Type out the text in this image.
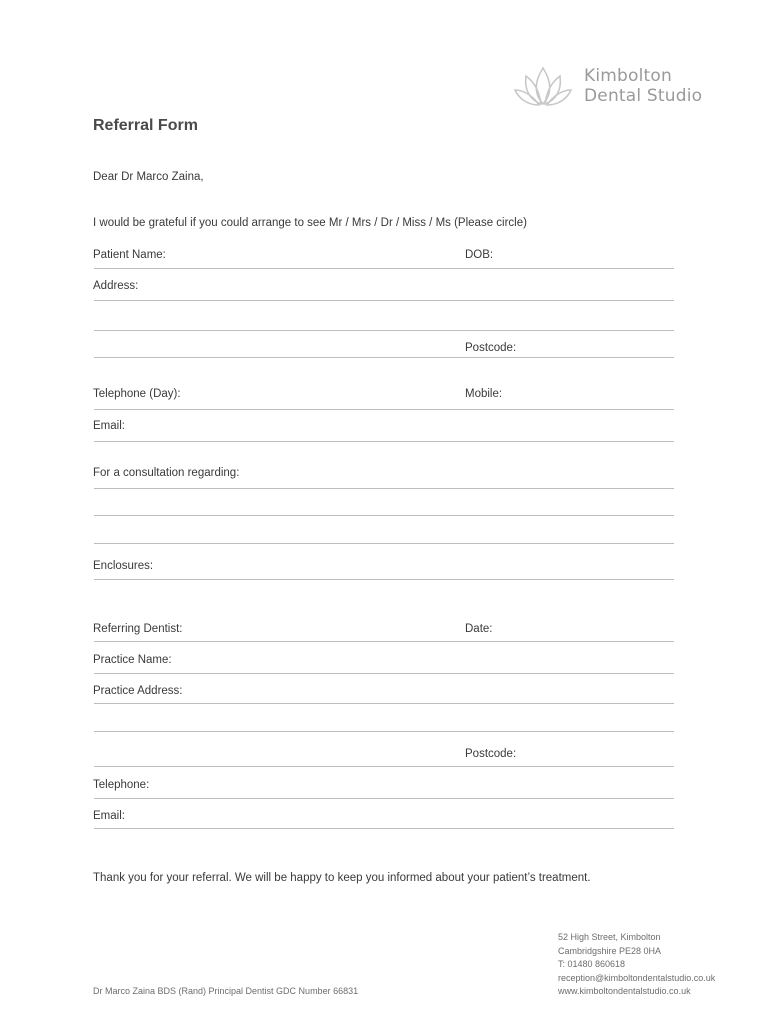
Kimbolton
Dental Studio
Referral Form
Dear Dr Marco Zaina,
I would be grateful if you could arrange to see Mr / Mrs / Dr / Miss / Ms (Please circle)
Patient Name:	DOB:
Address:
Postcode:
Telephone (Day):	Mobile:
Email:
For a consultation regarding:
Enclosures:
Referring Dentist:	Date:
Practice Name:
Practice Address:
Postcode:
Telephone:
Email:
Thank you for your referral. We will be happy to keep you informed about your patient’s treatment.
Dr Marco Zaina BDS (Rand) Principal Dentist GDC Number 66831
52 High Street, Kimbolton
Cambridgshire PE28 0HA
T: 01480 860618
reception@kimboltondentalstudio.co.uk
www.kimboltondentalstudio.co.uk
